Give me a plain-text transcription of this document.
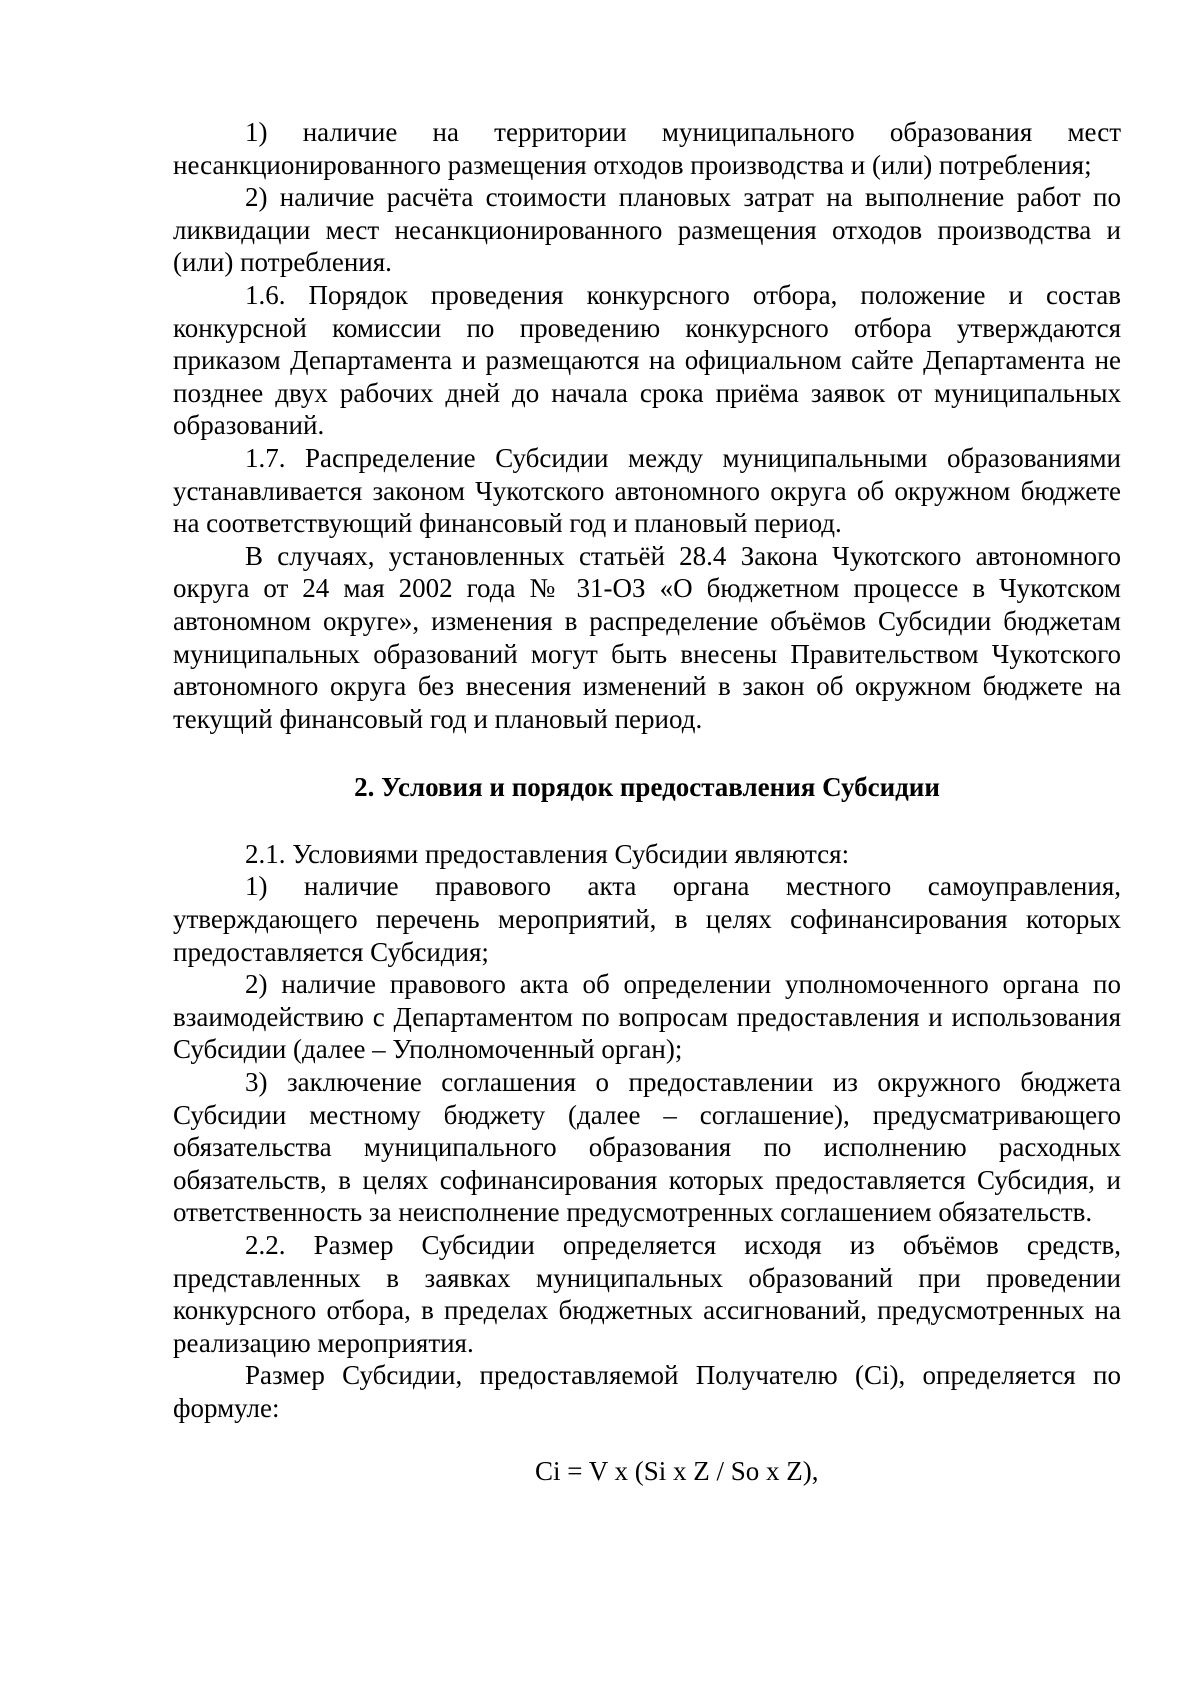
1) наличие на территории муниципального образования мест несанкционированного размещения отходов производства и (или) потребления;

2) наличие расчёта стоимости плановых затрат на выполнение работ по ликвидации мест несанкционированного размещения отходов производства и (или) потребления.

1.6. Порядок проведения конкурсного отбора, положение и состав конкурсной комиссии по проведению конкурсного отбора утверждаются приказом Департамента и размещаются на официальном сайте Департамента не позднее двух рабочих дней до начала срока приёма заявок от муниципальных образований.

1.7. Распределение Субсидии между муниципальными образованиями устанавливается законом Чукотского автономного округа об окружном бюджете на соответствующий финансовый год и плановый период.

В случаях, установленных статьёй 28.4 Закона Чукотского автономного округа от 24 мая 2002 года № 31-ОЗ «О бюджетном процессе в Чукотском автономном округе», изменения в распределение объёмов Субсидии бюджетам муниципальных образований могут быть внесены Правительством Чукотского автономного округа без внесения изменений в закон об окружном бюджете на текущий финансовый год и плановый период.

2. Условия и порядок предоставления Субсидии

2.1. Условиями предоставления Субсидии являются:

1) наличие правового акта органа местного самоуправления, утверждающего перечень мероприятий, в целях софинансирования которых предоставляется Субсидия;

2) наличие правового акта об определении уполномоченного органа по взаимодействию с Департаментом по вопросам предоставления и использования Субсидии (далее – Уполномоченный орган);

3) заключение соглашения о предоставлении из окружного бюджета Субсидии местному бюджету (далее – соглашение), предусматривающего обязательства муниципального образования по исполнению расходных обязательств, в целях софинансирования которых предоставляется Субсидия, и ответственность за неисполнение предусмотренных соглашением обязательств.

2.2. Размер Субсидии определяется исходя из объёмов средств, представленных в заявках муниципальных образований при проведении конкурсного отбора, в пределах бюджетных ассигнований, предусмотренных на реализацию мероприятия.

Размер Субсидии, предоставляемой Получателю (Ci), определяется по формуле:

Ci = V x (Si x Z / So x Z),
